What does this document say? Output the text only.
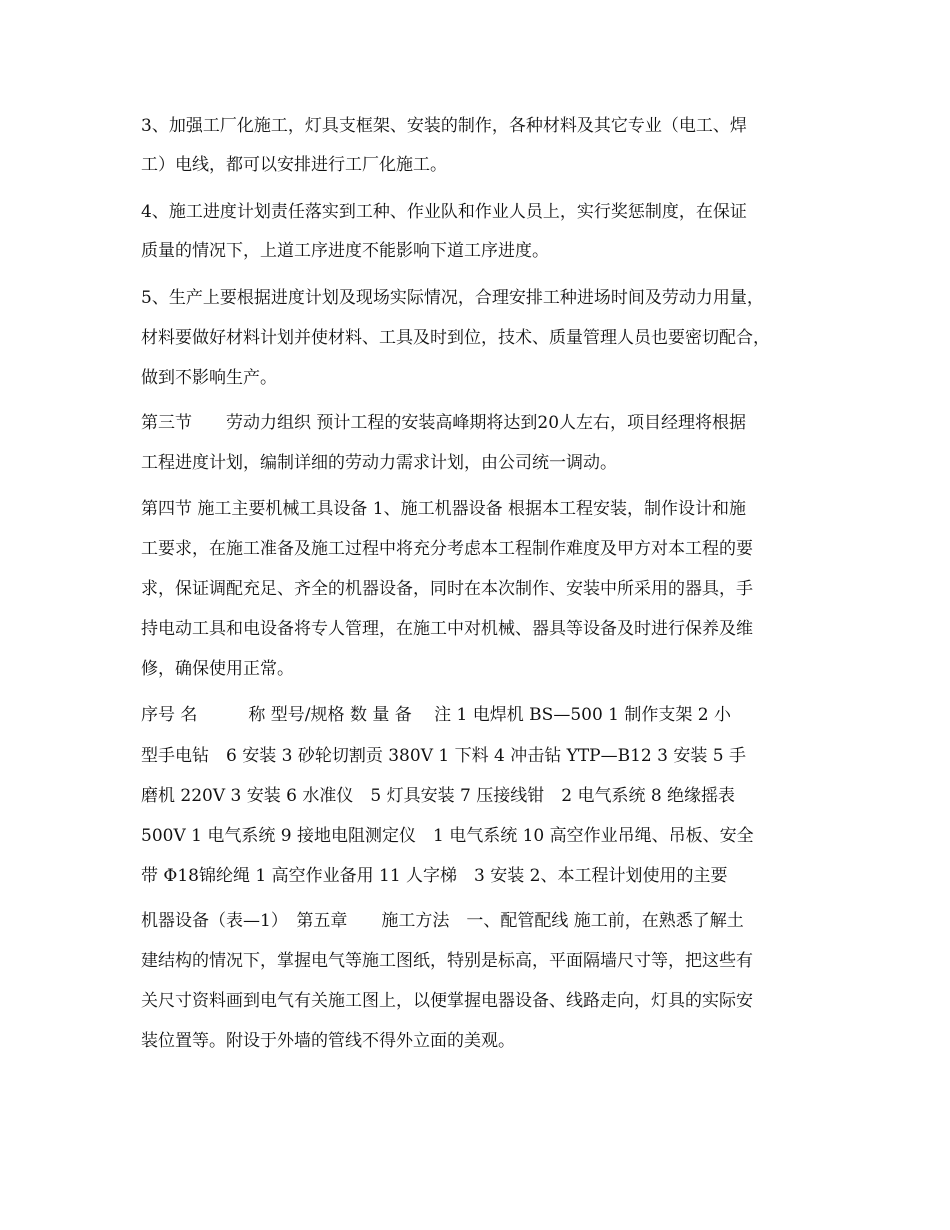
3、加强工厂化施工，灯具支框架、安装的制作，各种材料及其它专业（电工、焊
工）电线，都可以安排进行工厂化施工。
4、施工进度计划责任落实到工种、作业队和作业人员上，实行奖惩制度，在保证
质量的情况下，上道工序进度不能影响下道工序进度。
5、生产上要根据进度计划及现场实际情况，合理安排工种进场时间及劳动力用量，
材料要做好材料计划并使材料、工具及时到位，技术、质量管理人员也要密切配合，
做到不影响生产。
第三节　　劳动力组织 预计工程的安装高峰期将达到20人左右，项目经理将根据
工程进度计划，编制详细的劳动力需求计划，由公司统一调动。
第四节 施工主要机械工具设备 1、施工机器设备 根据本工程安装，制作设计和施
工要求，在施工准备及施工过程中将充分考虑本工程制作难度及甲方对本工程的要
求，保证调配充足、齐全的机器设备，同时在本次制作、安装中所采用的器具，手
持电动工具和电设备将专人管理，在施工中对机械、器具等设备及时进行保养及维
修，确保使用正常。
序号 名　　　称 型号/规格 数 量 备　 注 1 电焊机 BS—500 1 制作支架 2 小
型手电钻　6 安装 3 砂轮切割贡 380V 1 下料 4 冲击钻 YTP—B12 3 安装 5 手
磨机 220V 3 安装 6 水准仪　5 灯具安装 7 压接线钳　2 电气系统 8 绝缘摇表
500V 1 电气系统 9 接地电阻测定仪　1 电气系统 10 高空作业吊绳、吊板、安全
带 Φ18锦纶绳 1 高空作业备用 11 人字梯　3 安装 2、本工程计划使用的主要
机器设备（表—1）　第五章　　施工方法　一、配管配线 施工前，在熟悉了解土
建结构的情况下，掌握电气等施工图纸，特别是标高，平面隔墙尺寸等，把这些有
关尺寸资料画到电气有关施工图上，以便掌握电器设备、线路走向，灯具的实际安
装位置等。附设于外墙的管线不得外立面的美观。
